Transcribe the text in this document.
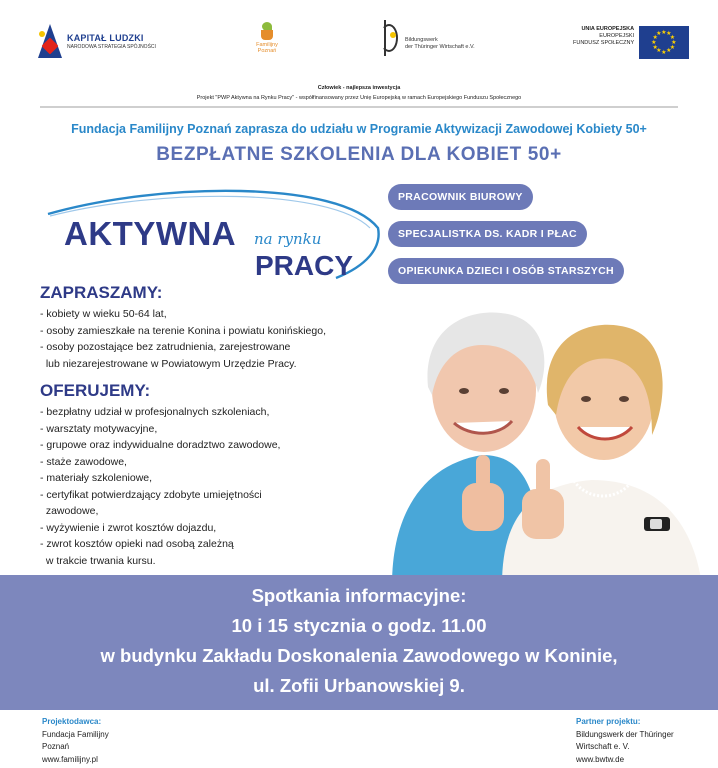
KAPITAŁ LUDZKI
NARODOWA STRATEGIA SPÓJNOŚCI	Familijny Poznań
Bildungswerk
der Thüringer Wirtschaft e.V.
UNIA EUROPEJSKA
EUROPEJSKI
FUNDUSZ SPOŁECZNY	★
★
★
★
★
★
★
★
★ ★ ★
★
Człowiek - najlepsza inwestycja
Projekt "PWP Aktywna na Rynku Pracy" - współfinansowany przez Unię Europejską w ramach Europejskiego Funduszu Społecznego
Fundacja Familijny Poznań zaprasza do udziału w Programie Aktywizacji Zawodowej Kobiety 50+
BEZPŁATNE SZKOLENIA DLA KOBIET 50+
AKTYWNA na rynku
PRACY
PRACOWNIK BIUROWY
SPECJALISTKA DS. KADR I PŁAC
OPIEKUNKA DZIECI I OSÓB STARSZYCH
ZAPRASZAMY:
- kobiety w wieku 50-64 lat,
- osoby zamieszkałe na terenie Konina i powiatu konińskiego,
- osoby pozostające bez zatrudnienia, zarejestrowane
lub niezarejestrowane w Powiatowym Urzędzie Pracy.
OFERUJEMY:
- bezpłatny udział w profesjonalnych szkoleniach,
- warsztaty motywacyjne,
- grupowe oraz indywidualne doradztwo zawodowe,
- staże zawodowe,
- materiały szkoleniowe,
- certyfikat potwierdzający zdobyte umiejętności
zawodowe,
- wyżywienie i zwrot kosztów dojazdu,
- zwrot kosztów opieki nad osobą zależną
w trakcie trwania kursu.
Spotkania informacyjne:
10 i 15 stycznia o godz. 11.00
w budynku Zakładu Doskonalenia Zawodowego w Koninie,
ul. Zofii Urbanowskiej 9.
Projektodawca:
Fundacja Familijny
Poznań
www.familijny.pl
Partner projektu:
Bildungswerk der Thüringer
Wirtschaft e. V.
www.bwtw.de
